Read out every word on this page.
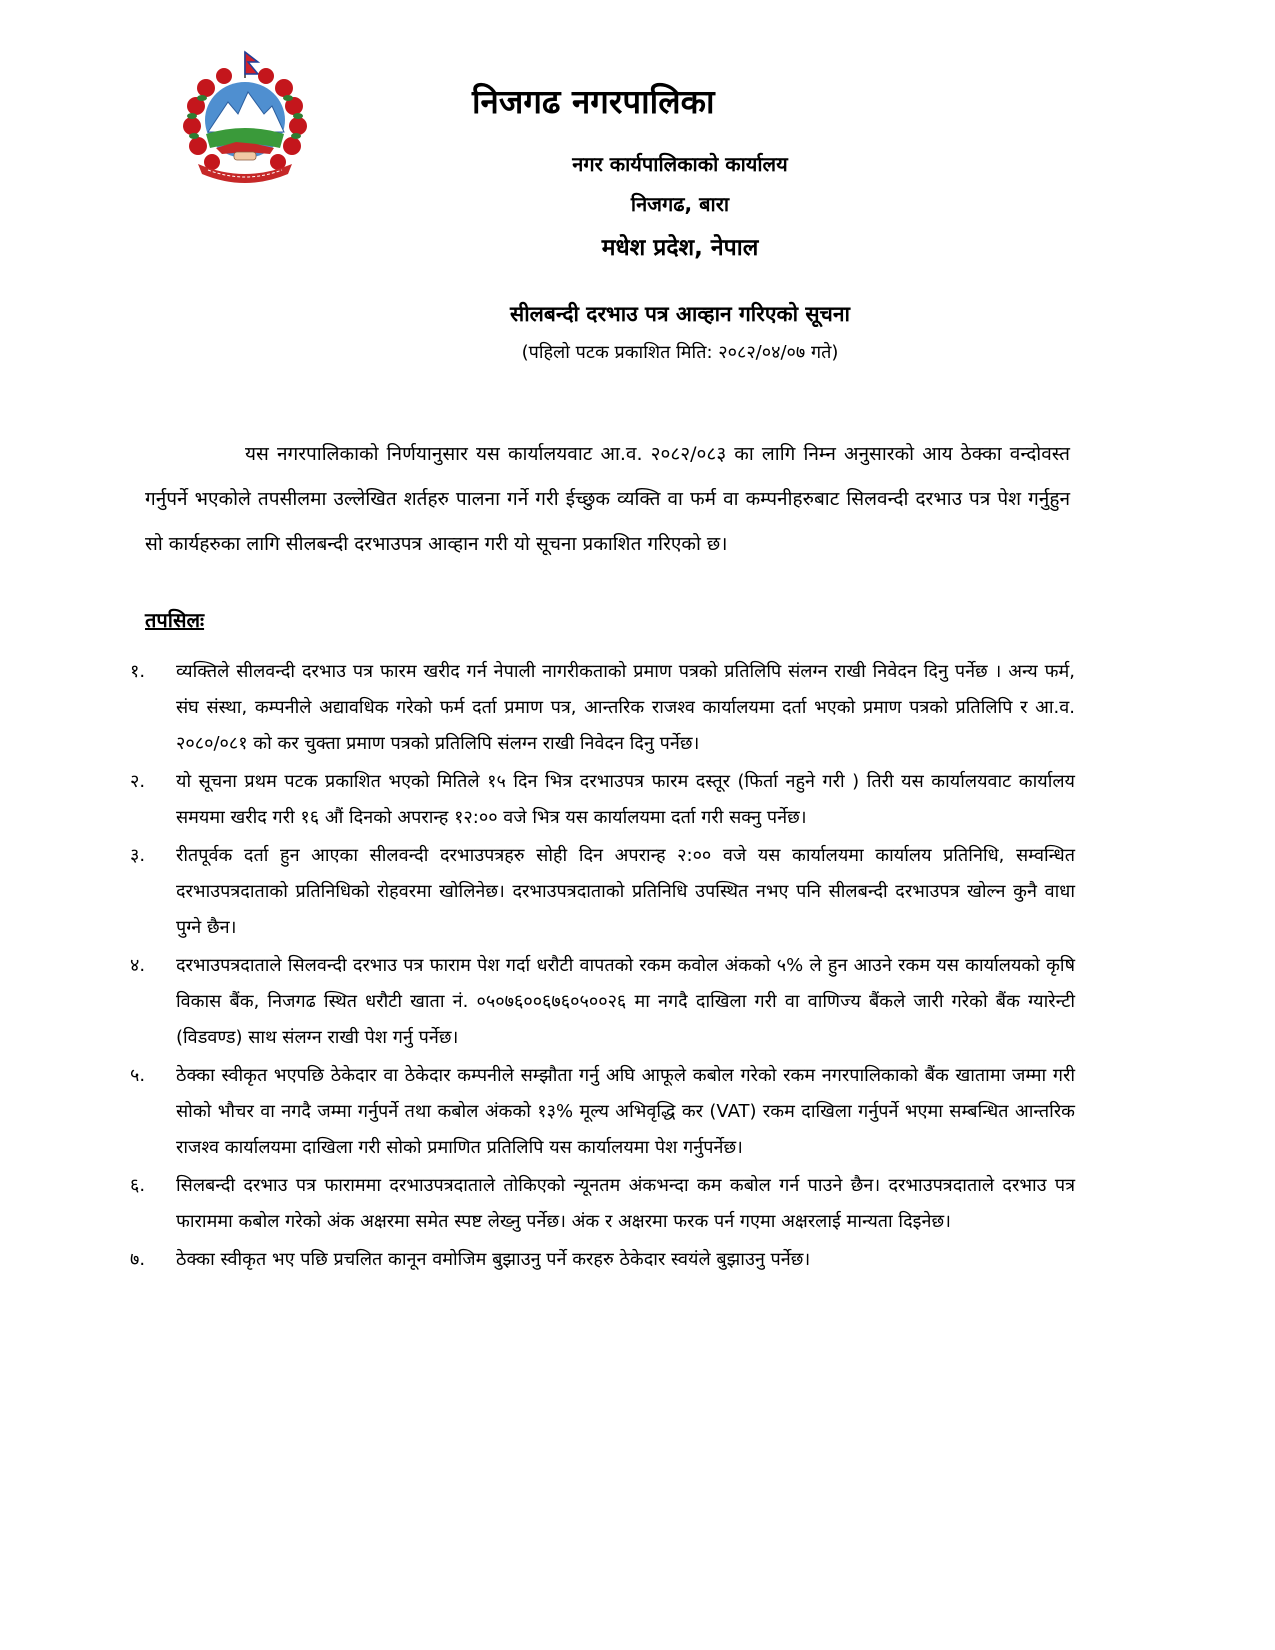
निजगढ नगरपालिका
नगर कार्यपालिकाको कार्यालय
निजगढ, बारा
मधेश प्रदेश, नेपाल
सीलबन्दी दरभाउ पत्र आव्हान गरिएको सूचना
(पहिलो पटक प्रकाशित मिति: २०८२/०४/०७ गते)

यस नगरपालिकाको निर्णयानुसार यस कार्यालयवाट आ.व. २०८२/०८३ का लागि निम्न अनुसारको आय ठेक्का वन्दोवस्त गर्नुपर्ने भएकोले तपसीलमा उल्लेखित शर्तहरु पालना गर्ने गरी ईच्छुक व्यक्ति वा फर्म वा कम्पनीहरुबाट सिलवन्दी दरभाउ पत्र पेश गर्नुहुन सो कार्यहरुका लागि सीलबन्दी दरभाउपत्र आव्हान गरी यो सूचना प्रकाशित गरिएको छ।

तपसिलः

१.	व्यक्तिले सीलवन्दी दरभाउ पत्र फारम खरीद गर्न नेपाली नागरीकताको प्रमाण पत्रको प्रतिलिपि संलग्न राखी निवेदन दिनु पर्नेछ । अन्य फर्म, संघ संस्था, कम्पनीले अद्यावधिक गरेको फर्म दर्ता प्रमाण पत्र, आन्तरिक राजश्व कार्यालयमा दर्ता भएको प्रमाण पत्रको प्रतिलिपि र आ.व. २०८०/०८१ को कर चुक्ता प्रमाण पत्रको प्रतिलिपि संलग्न राखी निवेदन दिनु पर्नेछ।
२.	यो सूचना प्रथम पटक प्रकाशित भएको मितिले १५ दिन भित्र दरभाउपत्र फारम दस्तूर (फिर्ता नहुने गरी ) तिरी यस कार्यालयवाट कार्यालय समयमा खरीद गरी १६ औं दिनको अपरान्ह १२:०० वजे भित्र यस कार्यालयमा दर्ता गरी सक्नु पर्नेछ।
३.	रीतपूर्वक दर्ता हुन आएका सीलवन्दी दरभाउपत्रहरु सोही दिन अपरान्ह २:०० वजे यस कार्यालयमा कार्यालय प्रतिनिधि, सम्वन्धित दरभाउपत्रदाताको प्रतिनिधिको रोहवरमा खोलिनेछ। दरभाउपत्रदाताको प्रतिनिधि उपस्थित नभए पनि सीलबन्दी दरभाउपत्र खोल्न कुनै वाधा पुग्ने छैन।
४.	दरभाउपत्रदाताले सिलवन्दी दरभाउ पत्र फाराम पेश गर्दा धरौटी वापतको रकम कवोल अंकको ५% ले हुन आउने रकम यस कार्यालयको कृषि विकास बैंक, निजगढ स्थित धरौटी खाता नं. ०५०७६००६७६०५००२६ मा नगदै दाखिला गरी वा वाणिज्य बैंकले जारी गरेको बैंक ग्यारेन्टी (विडवण्ड) साथ संलग्न राखी पेश गर्नु पर्नेछ।
५.	ठेक्का स्वीकृत भएपछि ठेकेदार वा ठेकेदार कम्पनीले सम्झौता गर्नु अघि आफूले कबोल गरेको रकम नगरपालिकाको बैंक खातामा जम्मा गरी सोको भौचर वा नगदै जम्मा गर्नुपर्ने तथा कबोल अंकको १३% मूल्य अभिवृद्धि कर (VAT) रकम दाखिला गर्नुपर्ने भएमा सम्बन्धित आन्तरिक राजश्व कार्यालयमा दाखिला गरी सोको प्रमाणित प्रतिलिपि यस कार्यालयमा पेश गर्नुपर्नेछ।
६.	सिलबन्दी दरभाउ पत्र फाराममा दरभाउपत्रदाताले तोकिएको न्यूनतम अंकभन्दा कम कबोल गर्न पाउने छैन। दरभाउपत्रदाताले दरभाउ पत्र फाराममा कबोल गरेको अंक अक्षरमा समेत स्पष्ट लेख्नु पर्नेछ। अंक र अक्षरमा फरक पर्न गएमा अक्षरलाई मान्यता दिइनेछ।
७.	ठेक्का स्वीकृत भए पछि प्रचलित कानून वमोजिम बुझाउनु पर्ने करहरु ठेकेदार स्वयंले बुझाउनु पर्नेछ।
